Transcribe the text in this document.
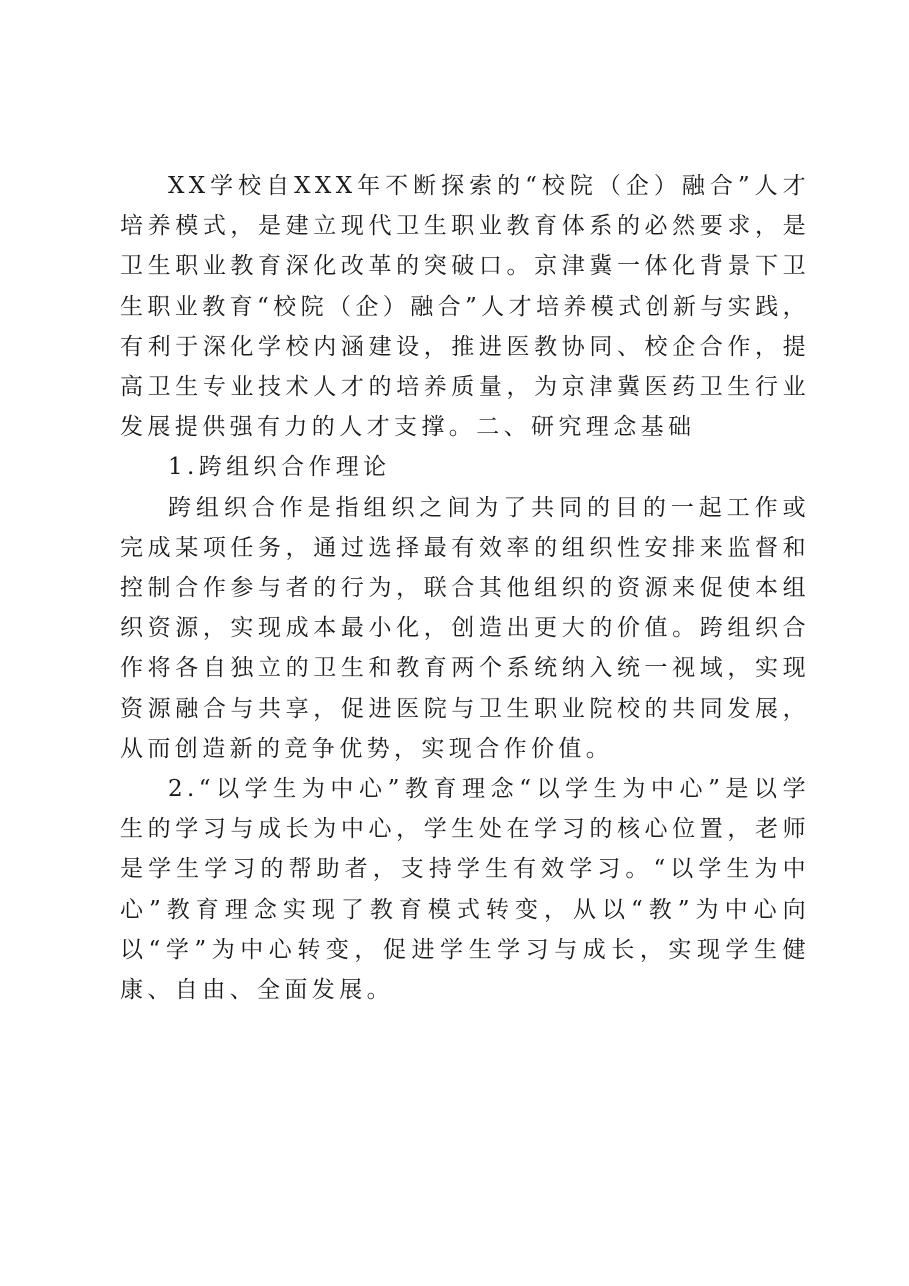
XX学校自XXX年不断探索的“校院（企）融合”人才培养模式，是建立现代卫生职业教育体系的必然要求，是卫生职业教育深化改革的突破口。京津冀一体化背景下卫生职业教育“校院（企）融合”人才培养模式创新与实践，有利于深化学校内涵建设，推进医教协同、校企合作，提高卫生专业技术人才的培养质量，为京津冀医药卫生行业发展提供强有力的人才支撑。二、研究理念基础

1.跨组织合作理论

跨组织合作是指组织之间为了共同的目的一起工作或完成某项任务，通过选择最有效率的组织性安排来监督和控制合作参与者的行为，联合其他组织的资源来促使本组织资源，实现成本最小化，创造出更大的价值。跨组织合作将各自独立的卫生和教育两个系统纳入统一视域，实现资源融合与共享，促进医院与卫生职业院校的共同发展，从而创造新的竞争优势，实现合作价值。

2.“以学生为中心”教育理念“以学生为中心”是以学生的学习与成长为中心，学生处在学习的核心位置，老师是学生学习的帮助者，支持学生有效学习。“以学生为中心”教育理念实现了教育模式转变，从以“教”为中心向以“学”为中心转变，促进学生学习与成长，实现学生健康、自由、全面发展。
